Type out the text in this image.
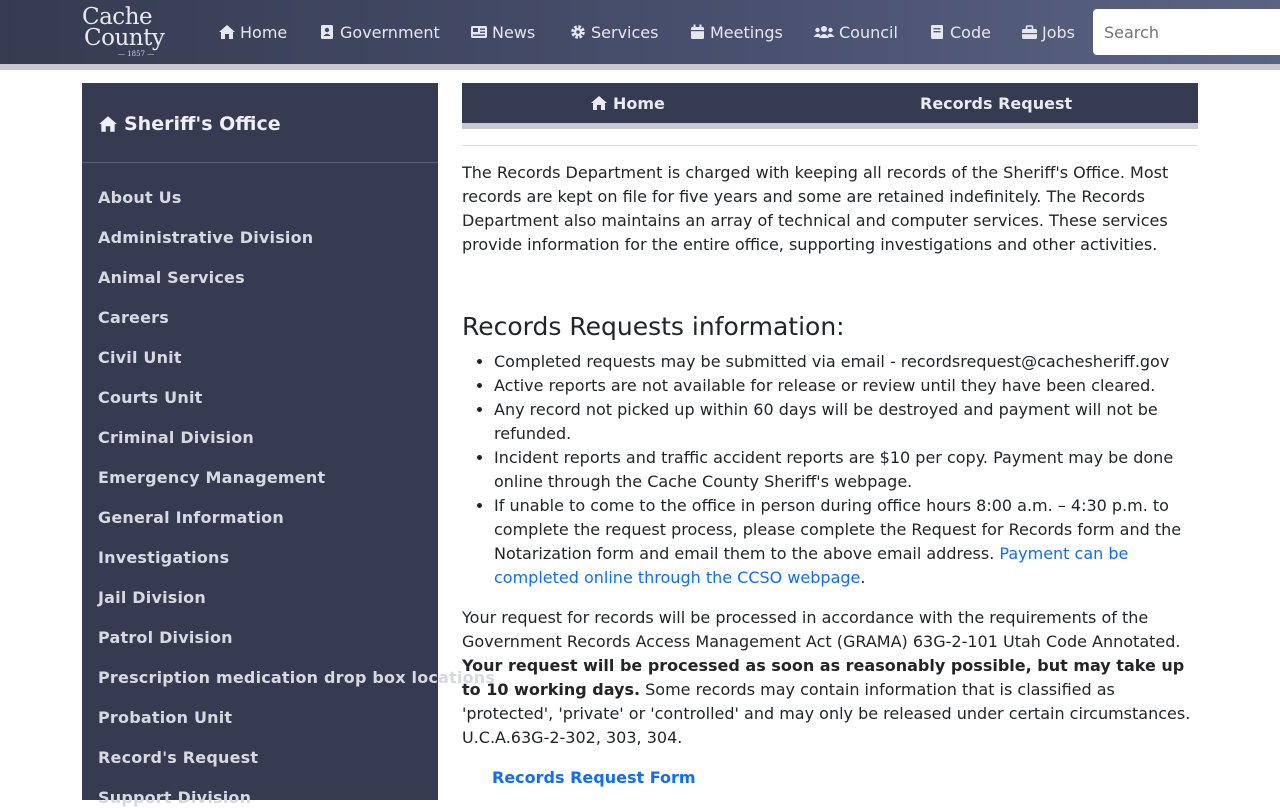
Cache
County
— 1857 —
Home	Government	News	Services	Meetings	Council	Code	Jobs
Search
Sheriff's Office
About Us
Administrative Division
Animal Services
Careers
Civil Unit
Courts Unit
Criminal Division
Emergency Management
General Information
Investigations
Jail Division
Patrol Division
Prescription medication drop box locations
Probation Unit
Record's Request
Support Division
Home	Records Request

The Records Department is charged with keeping all records of the Sheriff's Office. Most records are kept on file for five years and some are retained indefinitely. The Records Department also maintains an array of technical and computer services. These services provide information for the entire office, supporting investigations and other activities.

Records Requests information:
• Completed requests may be submitted via email - recordsrequest@cachesheriff.gov
• Active reports are not available for release or review until they have been cleared.
• Any record not picked up within 60 days will be destroyed and payment will not be refunded.
• Incident reports and traffic accident reports are $10 per copy. Payment may be done online through the Cache County Sheriff's webpage.
• If unable to come to the office in person during office hours 8:00 a.m. – 4:30 p.m. to complete the request process, please complete the Request for Records form and the Notarization form and email them to the above email address. Payment can be completed online through the CCSO webpage.

Your request for records will be processed in accordance with the requirements of the Government Records Access Management Act (GRAMA) 63G-2-101 Utah Code Annotated. Your request will be processed as soon as reasonably possible, but may take up to 10 working days. Some records may contain information that is classified as 'protected', 'private' or 'controlled' and may only be released under certain circumstances. U.C.A.63G-2-302, 303, 304.

Records Request Form
